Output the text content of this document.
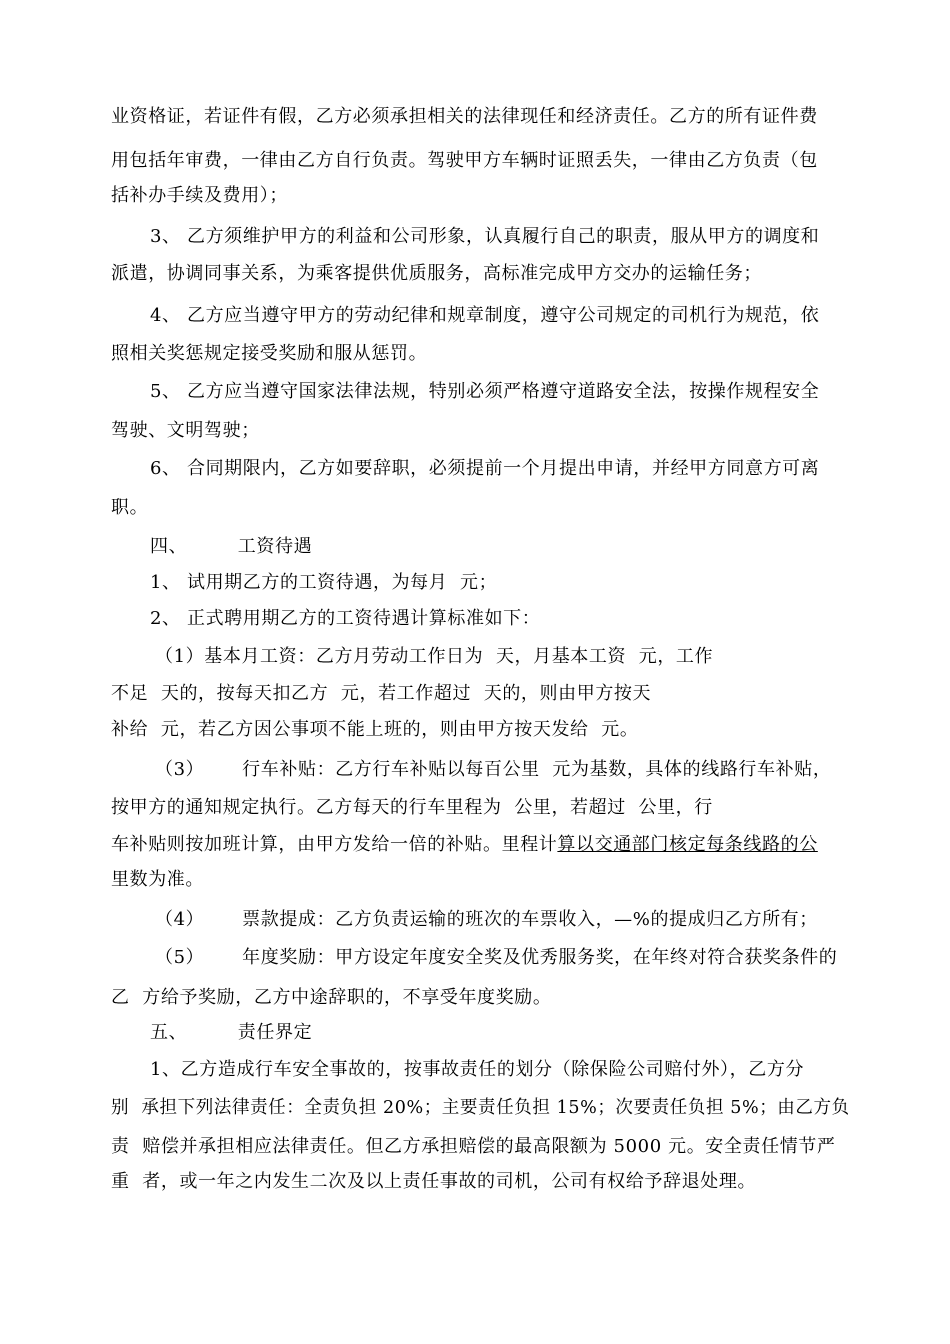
业资格证，若证件有假，乙方必须承担相关的法律现任和经济责任。乙方的所有证件费
用包括年审费，一律由乙方自行负责。驾驶甲方车辆时证照丢失，一律由乙方负责（包
括补办手续及费用）；
3、 乙方须维护甲方的利益和公司形象，认真履行自己的职责，服从甲方的调度和
派遣，协调同事关系，为乘客提供优质服务，高标准完成甲方交办的运输任务；
4、 乙方应当遵守甲方的劳动纪律和规章制度，遵守公司规定的司机行为规范，依
照相关奖惩规定接受奖励和服从惩罚。
5、 乙方应当遵守国家法律法规，特别必须严格遵守道路安全法，按操作规程安全
驾驶、文明驾驶；
6、 合同期限内，乙方如要辞职，必须提前一个月提出申请，并经甲方同意方可离
职。
四、        工资待遇
1、 试用期乙方的工资待遇，为每月  元；
2、 正式聘用期乙方的工资待遇计算标准如下：
（1）基本月工资：乙方月劳动工作日为  天，月基本工资  元，工作
不足  天的，按每天扣乙方  元，若工作超过  天的，则由甲方按天
补给  元，若乙方因公事项不能上班的，则由甲方按天发给  元。
（3）      行车补贴：乙方行车补贴以每百公里  元为基数，具体的线路行车补贴，
按甲方的通知规定执行。乙方每天的行车里程为  公里，若超过  公里，行
车补贴则按加班计算，由甲方发给一倍的补贴。里程计算以交通部门核定每条线路的公
里数为准。
（4）      票款提成：乙方负责运输的班次的车票收入，—%的提成归乙方所有；
（5）      年度奖励：甲方设定年度安全奖及优秀服务奖，在年终对符合获奖条件的
乙  方给予奖励，乙方中途辞职的，不享受年度奖励。
五、        责任界定
1、乙方造成行车安全事故的，按事故责任的划分（除保险公司赔付外），乙方分
别  承担下列法律责任：全责负担 20%；主要责任负担 15%；次要责任负担 5%；由乙方负
责  赔偿并承担相应法律责任。但乙方承担赔偿的最高限额为 5000 元。安全责任情节严
重  者，或一年之内发生二次及以上责任事故的司机，公司有权给予辞退处理。
